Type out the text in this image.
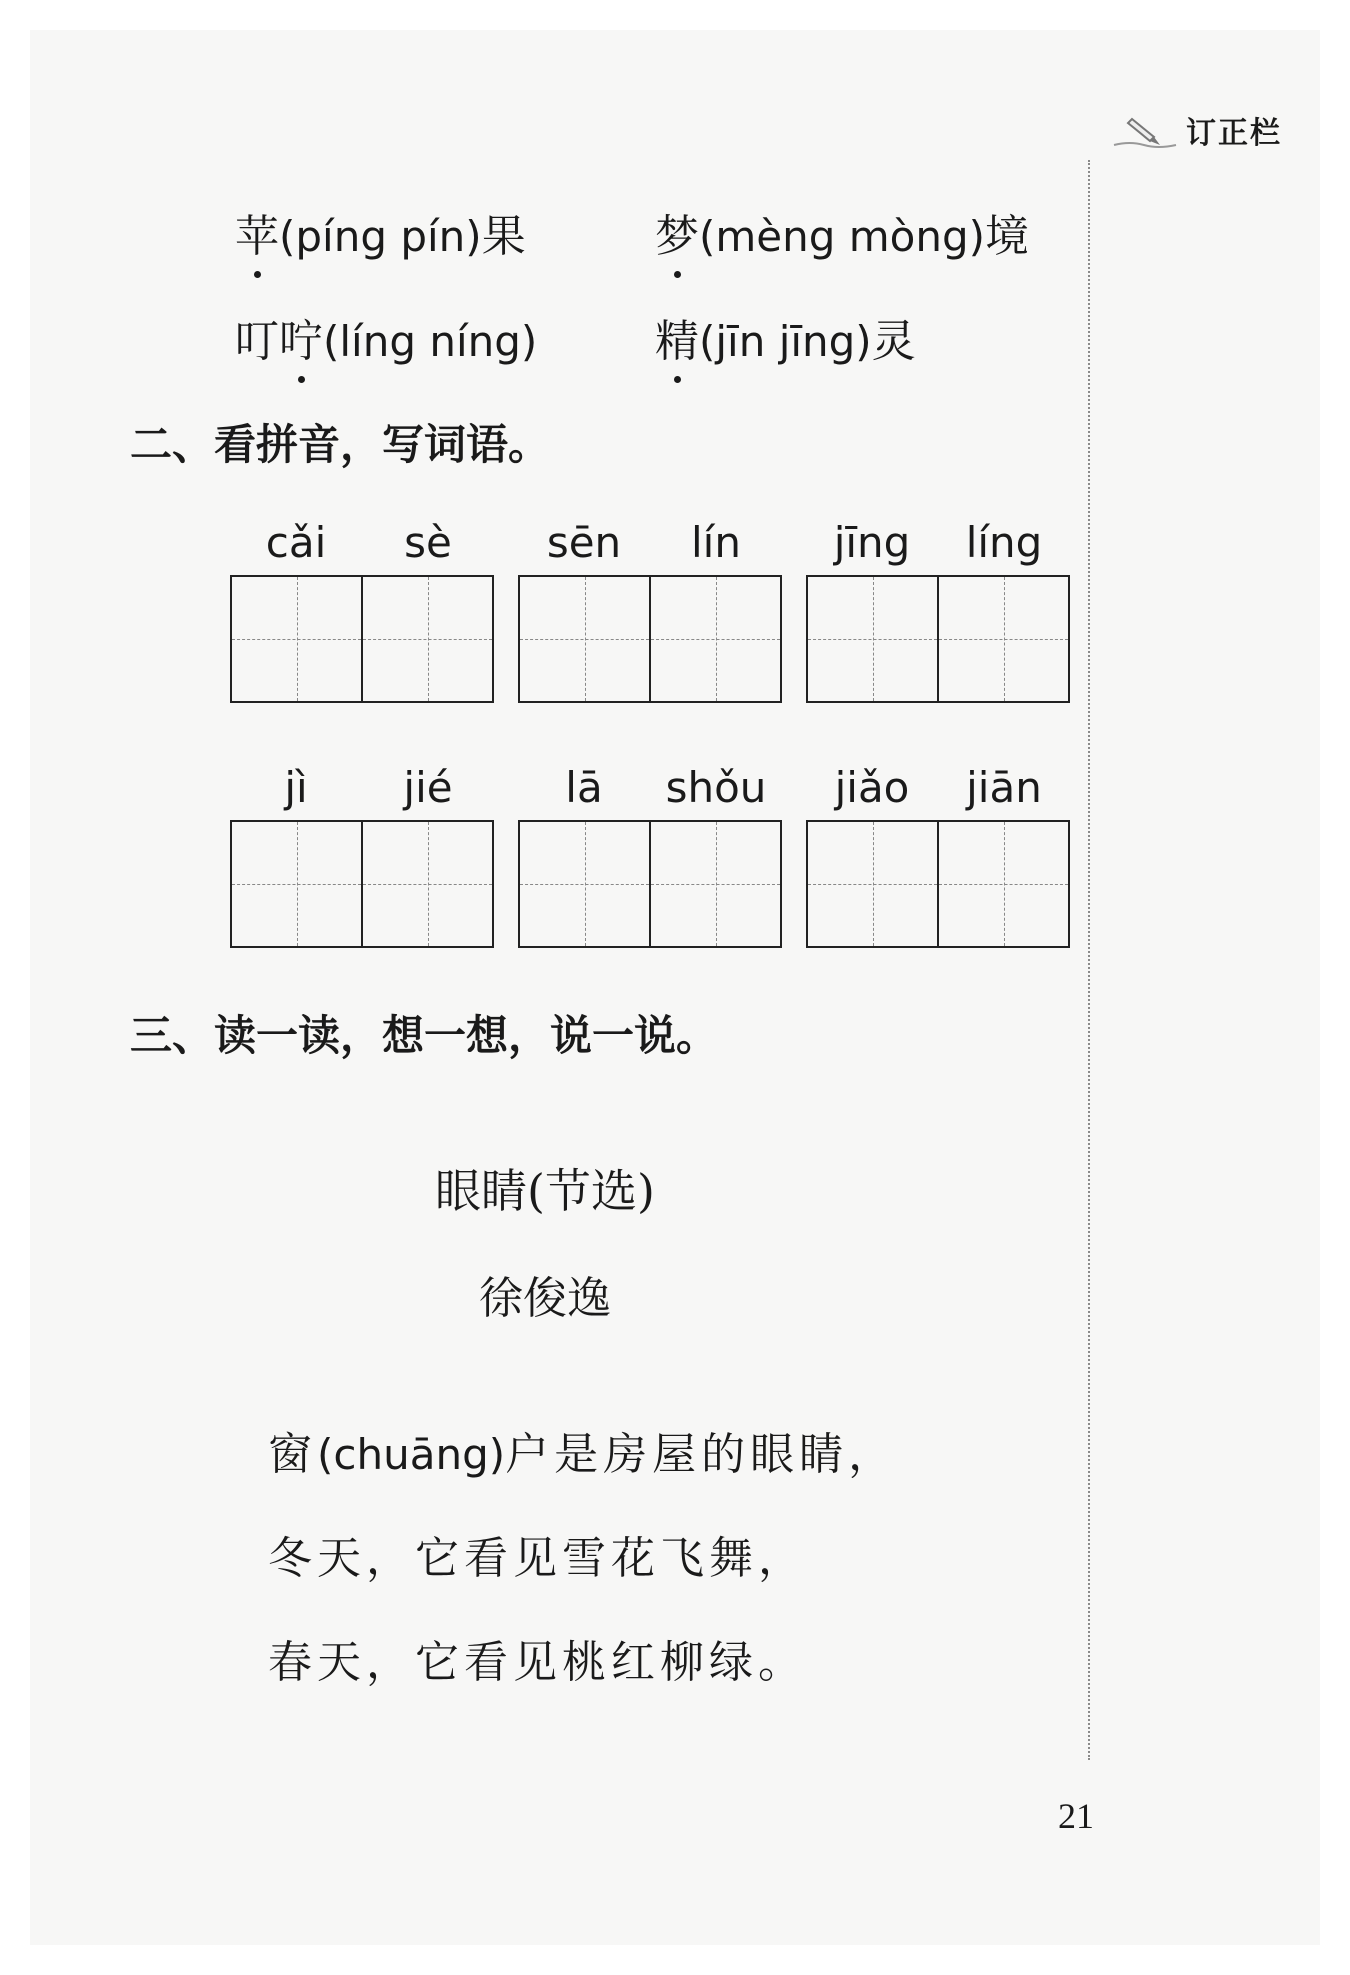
订正栏
苹(píng pín)果	梦(mèng mòng)境
叮咛(líng níng)	精(jīn jīng)灵
二、看拼音，写词语。
cǎi	sè	sēn	lín	jīng	líng
jì	jié	lā	shǒu	jiǎo	jiān
三、读一读，想一想，说一说。
眼睛(节选)
徐俊逸
窗(chuāng)户是房屋的眼睛，
冬天，它看见雪花飞舞，
春天，它看见桃红柳绿。
21
